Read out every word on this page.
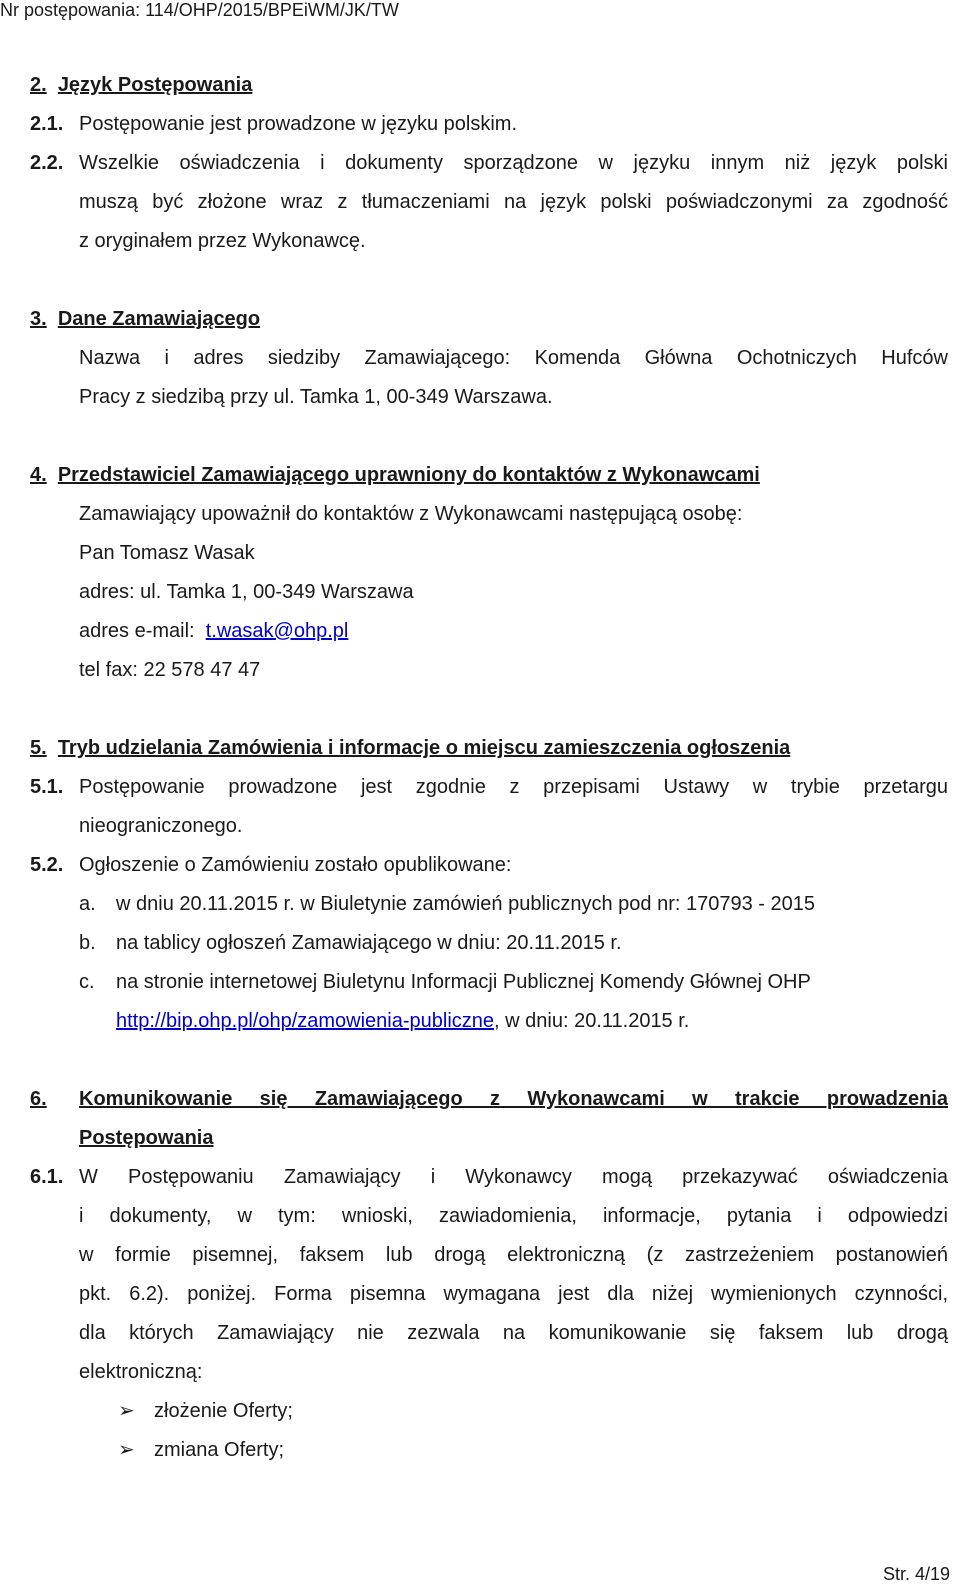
Nr postępowania: 114/OHP/2015/BPEiWM/JK/TW
2. Język Postępowania
2.1. Postępowanie jest prowadzone w języku polskim.
2.2. Wszelkie oświadczenia i dokumenty sporządzone w języku innym niż język polski
muszą być złożone wraz z tłumaczeniami na język polski poświadczonymi za zgodność
z oryginałem przez Wykonawcę.
3. Dane Zamawiającego
Nazwa i adres siedziby Zamawiającego: Komenda Główna Ochotniczych Hufców
Pracy z siedzibą przy ul. Tamka 1, 00-349 Warszawa.
4. Przedstawiciel Zamawiającego uprawniony do kontaktów z Wykonawcami
Zamawiający upoważnił do kontaktów z Wykonawcami następującą osobę:
Pan Tomasz Wasak
adres: ul. Tamka 1, 00-349 Warszawa
adres e-mail: t.wasak@ohp.pl
tel fax: 22 578 47 47
5. Tryb udzielania Zamówienia i informacje o miejscu zamieszczenia ogłoszenia
5.1. Postępowanie prowadzone jest zgodnie z przepisami Ustawy w trybie przetargu
nieograniczonego.
5.2. Ogłoszenie o Zamówieniu zostało opublikowane:
a.	w dniu 20.11.2015 r. w Biuletynie zamówień publicznych pod nr: 170793 - 2015
b.	na tablicy ogłoszeń Zamawiającego w dniu: 20.11.2015 r.
c.	na stronie internetowej Biuletynu Informacji Publicznej Komendy Głównej OHP
http://bip.ohp.pl/ohp/zamowienia-publiczne, w dniu: 20.11.2015 r.
6.	Komunikowanie się Zamawiającego z Wykonawcami w trakcie prowadzenia
Postępowania
6.1. W Postępowaniu Zamawiający i Wykonawcy mogą przekazywać oświadczenia
i dokumenty, w tym: wnioski, zawiadomienia, informacje, pytania i odpowiedzi
w formie pisemnej, faksem lub drogą elektroniczną (z zastrzeżeniem postanowień
pkt. 6.2). poniżej. Forma pisemna wymagana jest dla niżej wymienionych czynności,
dla których Zamawiający nie zezwala na komunikowanie się faksem lub drogą
elektroniczną:
➢ złożenie Oferty;
➢ zmiana Oferty;
Str. 4/19
